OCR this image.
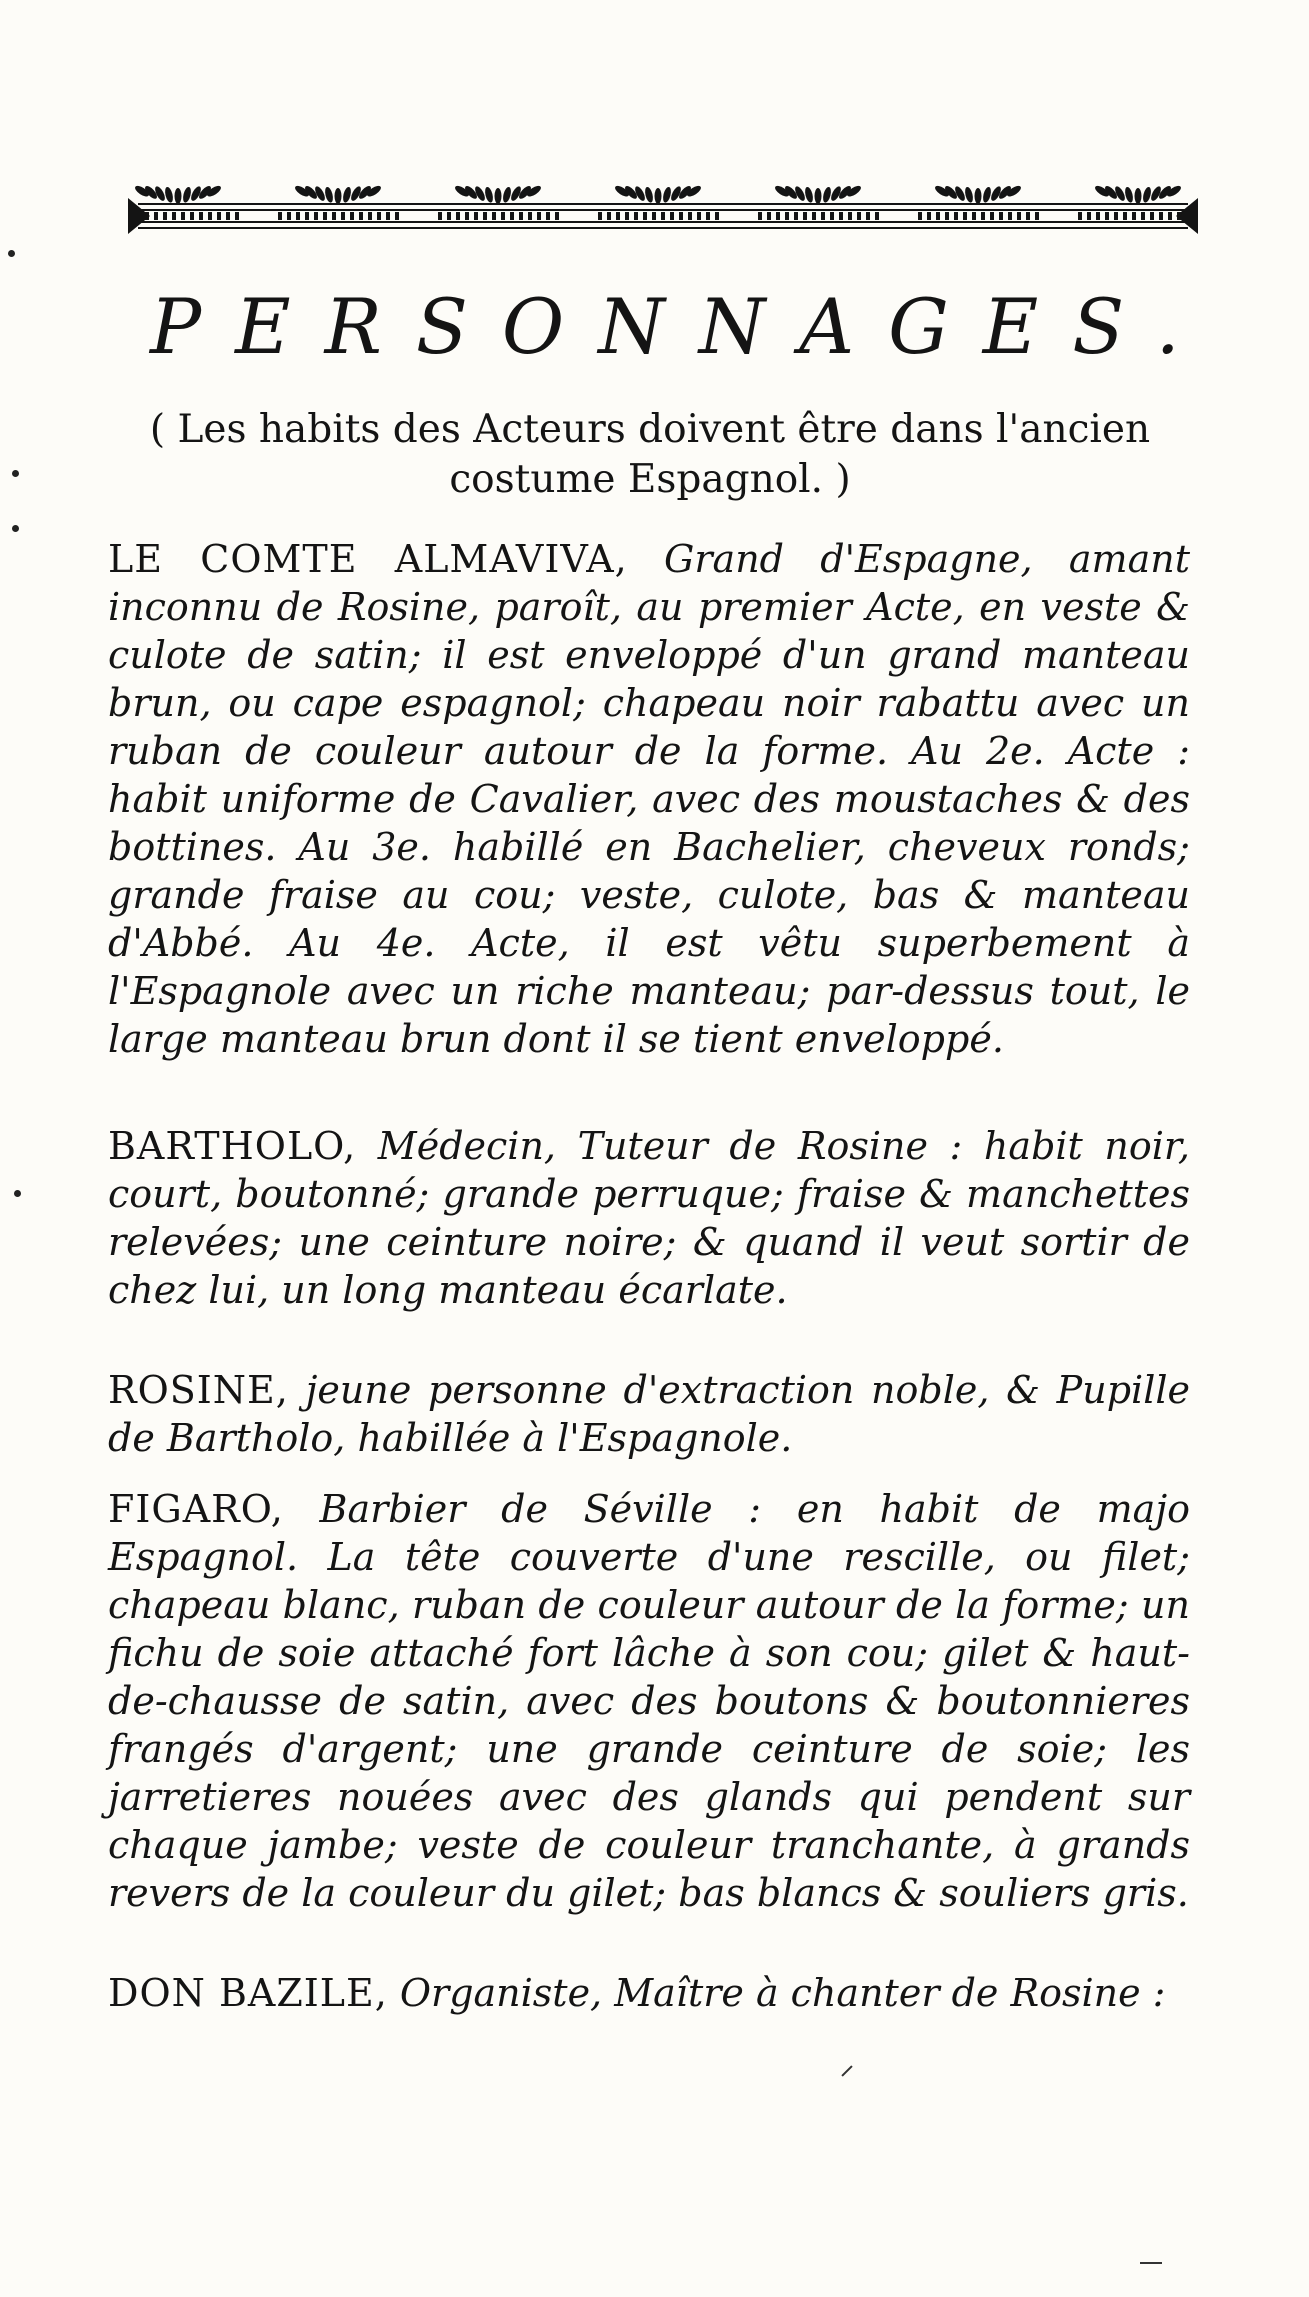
PERSONNAGES.
( Les habits des Acteurs doivent être dans l'ancien costume Espagnol. )
LE COMTE ALMAVIVA, Grand d'Espagne, amant inconnu de Rosine, paroît, au premier Acte, en veste & culote de satin; il est enveloppé d'un grand manteau brun, ou cape espagnol; chapeau noir rabattu avec un ruban de couleur autour de la forme. Au 2e. Acte : habit uniforme de Cavalier, avec des moustaches & des bottines. Au 3e. habillé en Bachelier, cheveux ronds; grande fraise au cou; veste, culote, bas & manteau d'Abbé. Au 4e. Acte, il est vêtu superbement à l'Espagnole avec un riche manteau; par-dessus tout, le large manteau brun dont il se tient enveloppé.
BARTHOLO, Médecin, Tuteur de Rosine : habit noir, court, boutonné; grande perruque; fraise & manchettes relevées; une ceinture noire; & quand il veut sortir de chez lui, un long manteau écarlate.
ROSINE, jeune personne d'extraction noble, & Pupille de Bartholo, habillée à l'Espagnole.
FIGARO, Barbier de Séville : en habit de majo Espagnol. La tête couverte d'une rescille, ou filet; chapeau blanc, ruban de couleur autour de la forme; un fichu de soie attaché fort lâche à son cou; gilet & haut-de-chausse de satin, avec des boutons & boutonnieres frangés d'argent; une grande ceinture de soie; les jarretieres nouées avec des glands qui pendent sur chaque jambe; veste de couleur tranchante, à grands revers de la couleur du gilet; bas blancs & souliers gris.
DON BAZILE, Organiste, Maître à chanter de Rosine :
